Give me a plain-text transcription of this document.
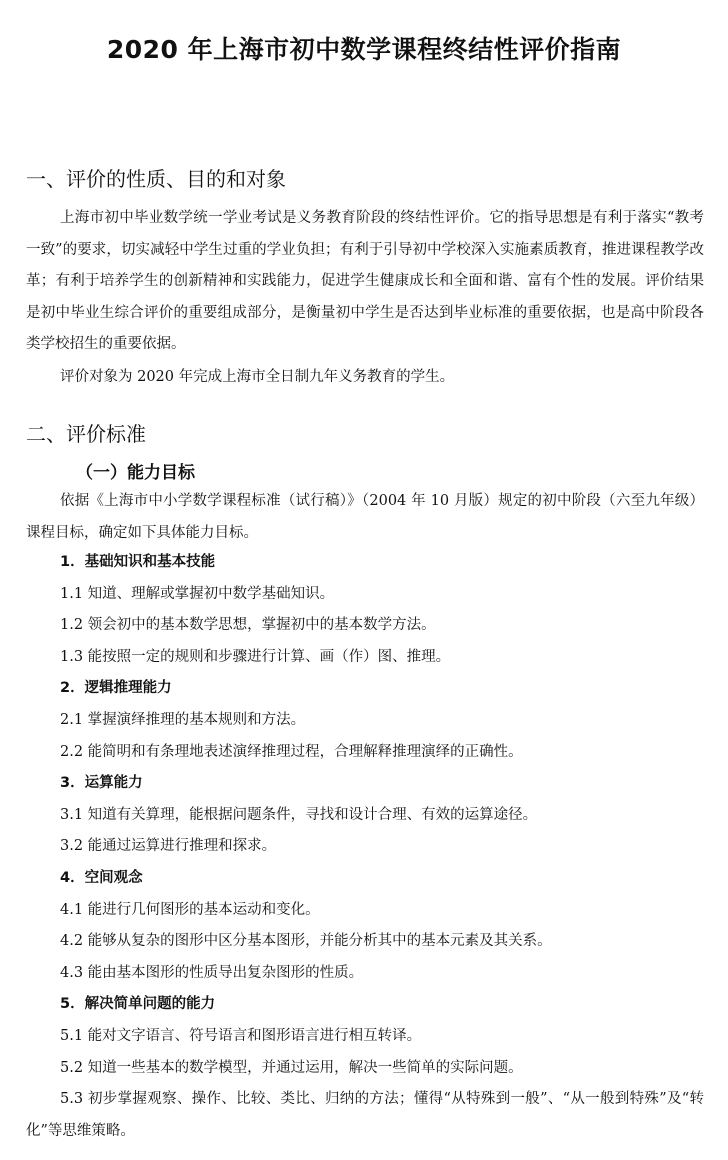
2020 年上海市初中数学课程终结性评价指南
一、评价的性质、目的和对象

上海市初中毕业数学统一学业考试是义务教育阶段的终结性评价。它的指导思想是有利于落实“教考一致”的要求，切实减轻中学生过重的学业负担；有利于引导初中学校深入实施素质教育，推进课程教学改革；有利于培养学生的创新精神和实践能力，促进学生健康成长和全面和谐、富有个性的发展。评价结果是初中毕业生综合评价的重要组成部分，是衡量初中学生是否达到毕业标准的重要依据，也是高中阶段各类学校招生的重要依据。

评价对象为 2020 年完成上海市全日制九年义务教育的学生。

二、评价标准
（一）能力目标

依据《上海市中小学数学课程标准（试行稿）》（2004 年 10 月版）规定的初中阶段（六至九年级）课程目标，确定如下具体能力目标。

1．基础知识和基本技能

1.1 知道、理解或掌握初中数学基础知识。

1.2 领会初中的基本数学思想，掌握初中的基本数学方法。

1.3 能按照一定的规则和步骤进行计算、画（作）图、推理。

2．逻辑推理能力

2.1 掌握演绎推理的基本规则和方法。

2.2 能简明和有条理地表述演绎推理过程，合理解释推理演绎的正确性。

3．运算能力

3.1 知道有关算理，能根据问题条件，寻找和设计合理、有效的运算途径。

3.2 能通过运算进行推理和探求。

4．空间观念

4.1 能进行几何图形的基本运动和变化。

4.2 能够从复杂的图形中区分基本图形，并能分析其中的基本元素及其关系。

4.3 能由基本图形的性质导出复杂图形的性质。

5．解决简单问题的能力

5.1 能对文字语言、符号语言和图形语言进行相互转译。

5.2 知道一些基本的数学模型，并通过运用，解决一些简单的实际问题。

5.3 初步掌握观察、操作、比较、类比、归纳的方法；懂得“从特殊到一般”、“从一般到特殊”及“转化”等思维策略。
